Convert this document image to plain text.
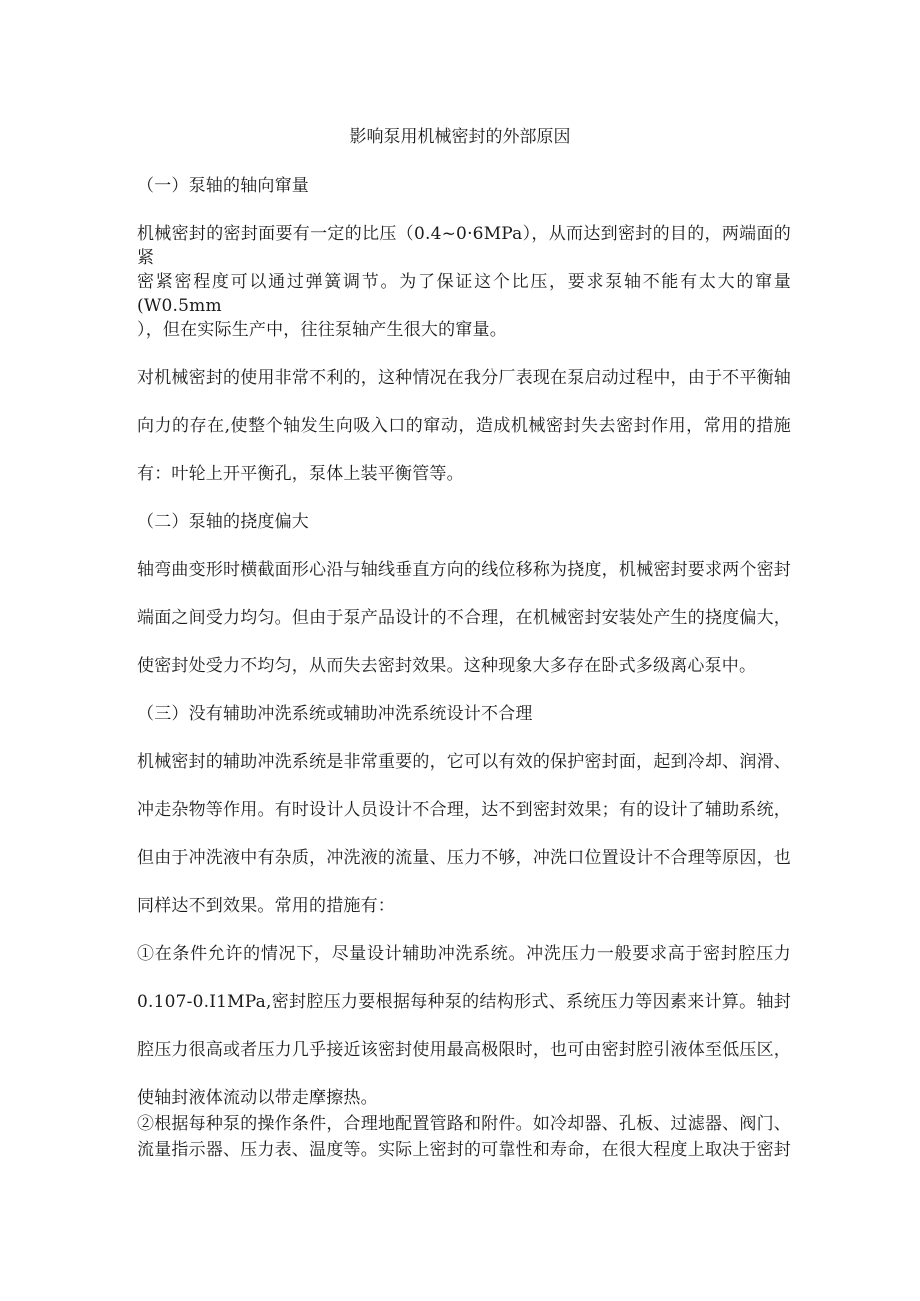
影响泵用机械密封的外部原因
（一）泵轴的轴向窜量
机械密封的密封面要有一定的比压（0.4~0·6MPa），从而达到密封的目的，两端面的紧
密紧密程度可以通过弹簧调节。为了保证这个比压，要求泵轴不能有太大的窜量(W0.5mm
），但在实际生产中，往往泵轴产生很大的窜量。
对机械密封的使用非常不利的，这种情况在我分厂表现在泵启动过程中，由于不平衡轴
向力的存在,使整个轴发生向吸入口的窜动，造成机械密封失去密封作用，常用的措施
有：叶轮上开平衡孔，泵体上装平衡管等。
（二）泵轴的挠度偏大
轴弯曲变形时横截面形心沿与轴线垂直方向的线位移称为挠度，机械密封要求两个密封
端面之间受力均匀。但由于泵产品设计的不合理，在机械密封安装处产生的挠度偏大，
使密封处受力不均匀，从而失去密封效果。这种现象大多存在卧式多级离心泵中。
（三）没有辅助冲洗系统或辅助冲洗系统设计不合理
机械密封的辅助冲洗系统是非常重要的，它可以有效的保护密封面，起到冷却、润滑、
冲走杂物等作用。有时设计人员设计不合理，达不到密封效果；有的设计了辅助系统，
但由于冲洗液中有杂质，冲洗液的流量、压力不够，冲洗口位置设计不合理等原因，也
同样达不到效果。常用的措施有：
①在条件允许的情况下，尽量设计辅助冲洗系统。冲洗压力一般要求高于密封腔压力
0.107-0.I1MPa,密封腔压力要根据每种泵的结构形式、系统压力等因素来计算。轴封
腔压力很高或者压力几乎接近该密封使用最高极限时，也可由密封腔引液体至低压区，
使轴封液体流动以带走摩擦热。
②根据每种泵的操作条件，合理地配置管路和附件。如冷却器、孔板、过滤器、阀门、
流量指示器、压力表、温度等。实际上密封的可靠性和寿命，在很大程度上取决于密封
